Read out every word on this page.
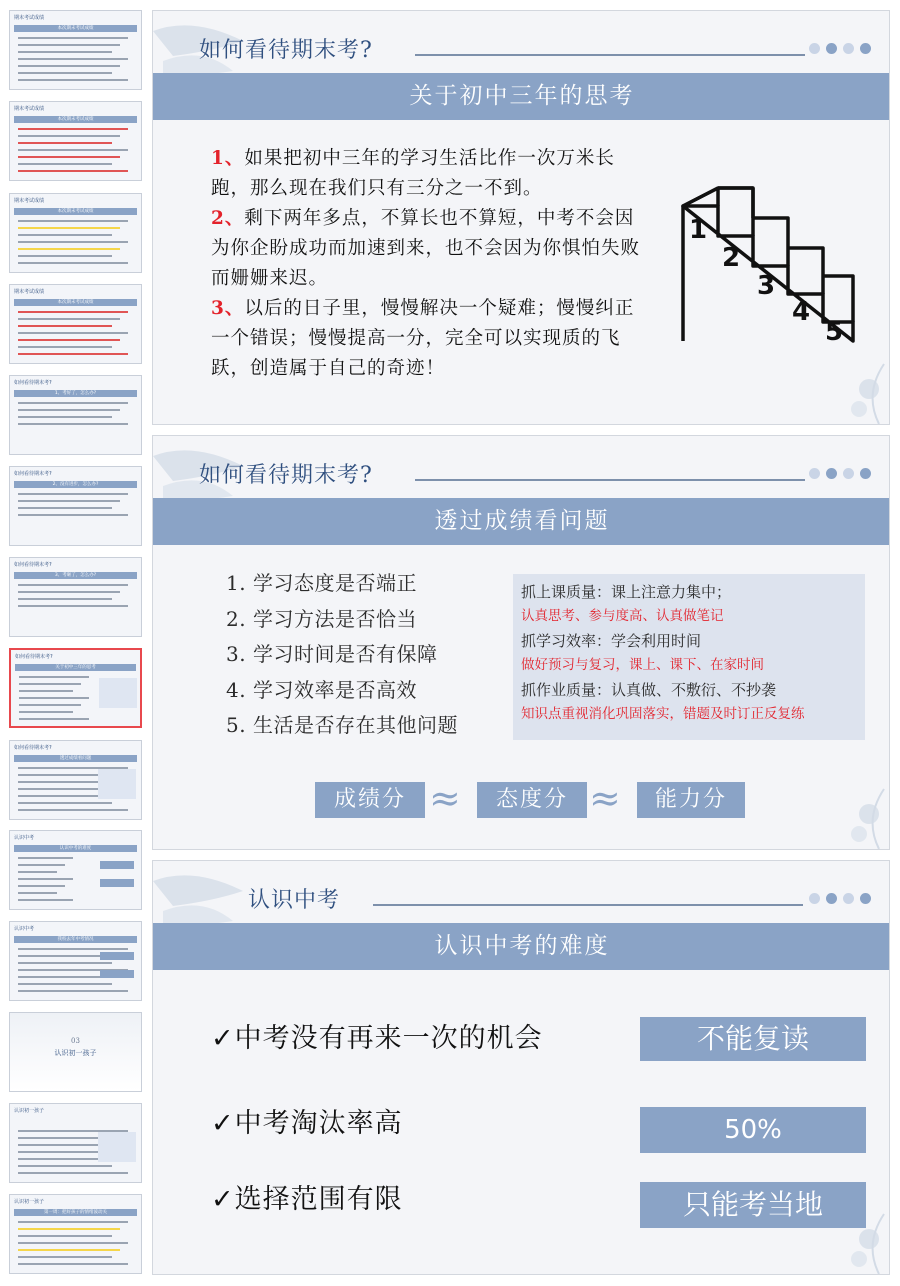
期末考试成绩
本次期末考试成绩
期末考试成绩
本次期末考试成绩
期末考试成绩
本次期末考试成绩
期末考试成绩
本次期末考试成绩
如何看待期末考?
1、考好了，怎么办?
如何看待期末考?
2、没有进步，怎么办?
如何看待期末考?
3、考砸了，怎么办?
如何看待期末考?
关于初中三年的思考
如何看待期末考?
透过成绩看问题
认识中考
认识中考的难度
认识中考
我校去年中考情况
03
认识初一孩子
认识初一孩子
认识初一孩子
第一周：把好孩子的情绪波动关
如何看待期末考?
关于初中三年的思考
1、如果把初中三年的学习生活比作一次万米长跑，那么现在我们只有三分之一不到。
2、剩下两年多点，不算长也不算短，中考不会因为你企盼成功而加速到来，也不会因为你惧怕失败而姗姗来迟。
3、以后的日子里，慢慢解决一个疑难；慢慢纠正一个错误；慢慢提高一分，完全可以实现质的飞跃，创造属于自己的奇迹！
1
2
3
4
5
如何看待期末考?
透过成绩看问题
1. 学习态度是否端正
2. 学习方法是否恰当
3. 学习时间是否有保障
4. 学习效率是否高效
5. 生活是否存在其他问题
抓上课质量：课上注意力集中；
认真思考、参与度高、认真做笔记
抓学习效率：学会利用时间
做好预习与复习，课上、课下、在家时间
抓作业质量：认真做、不敷衍、不抄袭
知识点重视消化巩固落实，错题及时订正反复练
成绩分 ≈	态度分 ≈	能力分
认识中考
认识中考的难度
✓中考没有再来一次的机会	不能复读
✓中考淘汰率高	50%
✓选择范围有限	只能考当地
